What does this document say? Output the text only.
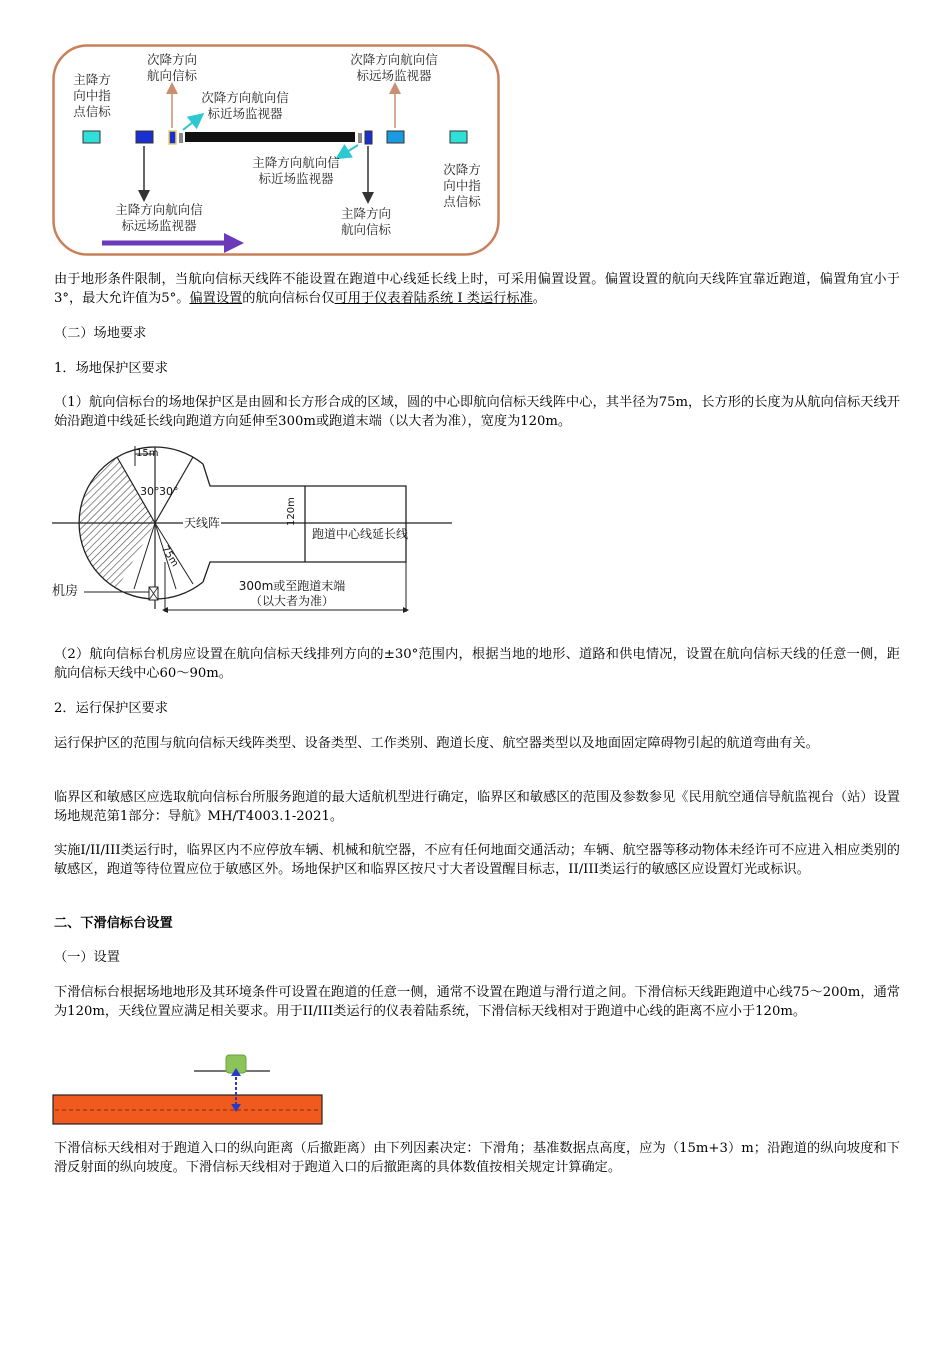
主降方
向中指
点信标
次降方向
航向信标
次降方向航向信
标远场监视器
次降方向航向信
标近场监视器
主降方向航向信
标近场监视器
次降方
向中指
点信标
主降方向航向信
标远场监视器
主降方向
航向信标
由于地形条件限制，当航向信标天线阵不能设置在跑道中心线延长线上时，可采用偏置设置。偏置设置的航向天线阵宜靠近跑道，偏置角宜小于 3°，最大允许值为5°。偏置设置的航向信标台仅可用于仪表着陆系统 I 类运行标准。
（二）场地要求
1．场地保护区要求
（1）航向信标台的场地保护区是由圆和长方形合成的区域，圆的中心即航向信标天线阵中心，其半径为75m，长方形的长度为从航向信标天线开始沿跑道中线延长线向跑道方向延伸至300m或跑道末端（以大者为准），宽度为120m。
15m
30° 30°
天线阵
75m
120m
跑道中心线延长线
机房	300m或至跑道末端
（以大者为准）
（2）航向信标台机房应设置在航向信标天线排列方向的±30°范围内，根据当地的地形、道路和供电情况，设置在航向信标天线的任意一侧，距航向信标天线中心60～90m。
2．运行保护区要求
运行保护区的范围与航向信标天线阵类型、设备类型、工作类别、跑道长度、航空器类型以及地面固定障碍物引起的航道弯曲有关。
临界区和敏感区应选取航向信标台所服务跑道的最大适航机型进行确定，临界区和敏感区的范围及参数参见《民用航空通信导航监视台（站）设置场地规范第1部分：导航》MH/T4003.1-2021。
实施I/II/III类运行时，临界区内不应停放车辆、机械和航空器，不应有任何地面交通活动；车辆、航空器等移动物体未经许可不应进入相应类别的敏感区，跑道等待位置应位于敏感区外。场地保护区和临界区按尺寸大者设置醒目标志，II/III类运行的敏感区应设置灯光或标识。
二、下滑信标台设置
（一）设置
下滑信标台根据场地地形及其环境条件可设置在跑道的任意一侧，通常不设置在跑道与滑行道之间。下滑信标天线距跑道中心线75～200m，通常为120m，天线位置应满足相关要求。用于II/III类运行的仪表着陆系统，下滑信标天线相对于跑道中心线的距离不应小于120m。
下滑信标天线相对于跑道入口的纵向距离（后撤距离）由下列因素决定：下滑角；基准数据点高度，应为（15m+3）m；沿跑道的纵向坡度和下滑反射面的纵向坡度。下滑信标天线相对于跑道入口的后撤距离的具体数值按相关规定计算确定。
